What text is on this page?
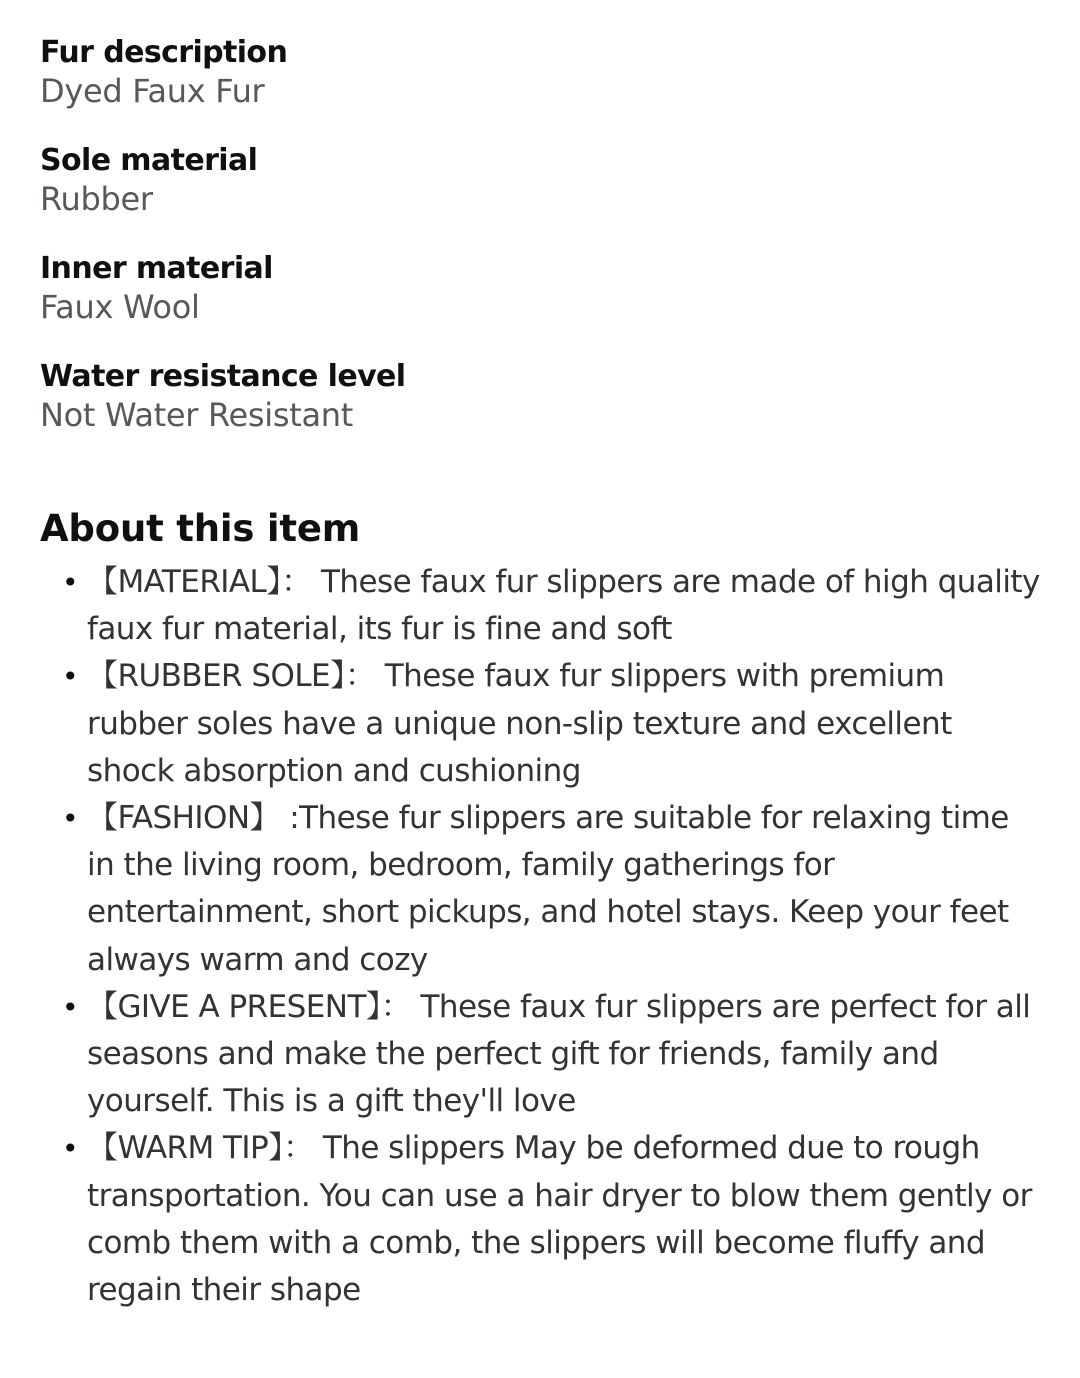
Fur description
Dyed Faux Fur
Sole material
Rubber
Inner material
Faux Wool
Water resistance level
Not Water Resistant
About this item
• 【MATERIAL】： These faux fur slippers are made of high quality faux fur material, its fur is fine and soft
• 【RUBBER SOLE】： These faux fur slippers with premium rubber soles have a unique non-slip texture and excellent shock absorption and cushioning
• 【FASHION】 :These fur slippers are suitable for relaxing time in the living room, bedroom, family gatherings for entertainment, short pickups, and hotel stays. Keep your feet always warm and cozy
• 【GIVE A PRESENT】： These faux fur slippers are perfect for all seasons and make the perfect gift for friends, family and yourself. This is a gift they'll love
• 【WARM TIP】： The slippers May be deformed due to rough transportation. You can use a hair dryer to blow them gently or comb them with a comb, the slippers will become fluffy and regain their shape
